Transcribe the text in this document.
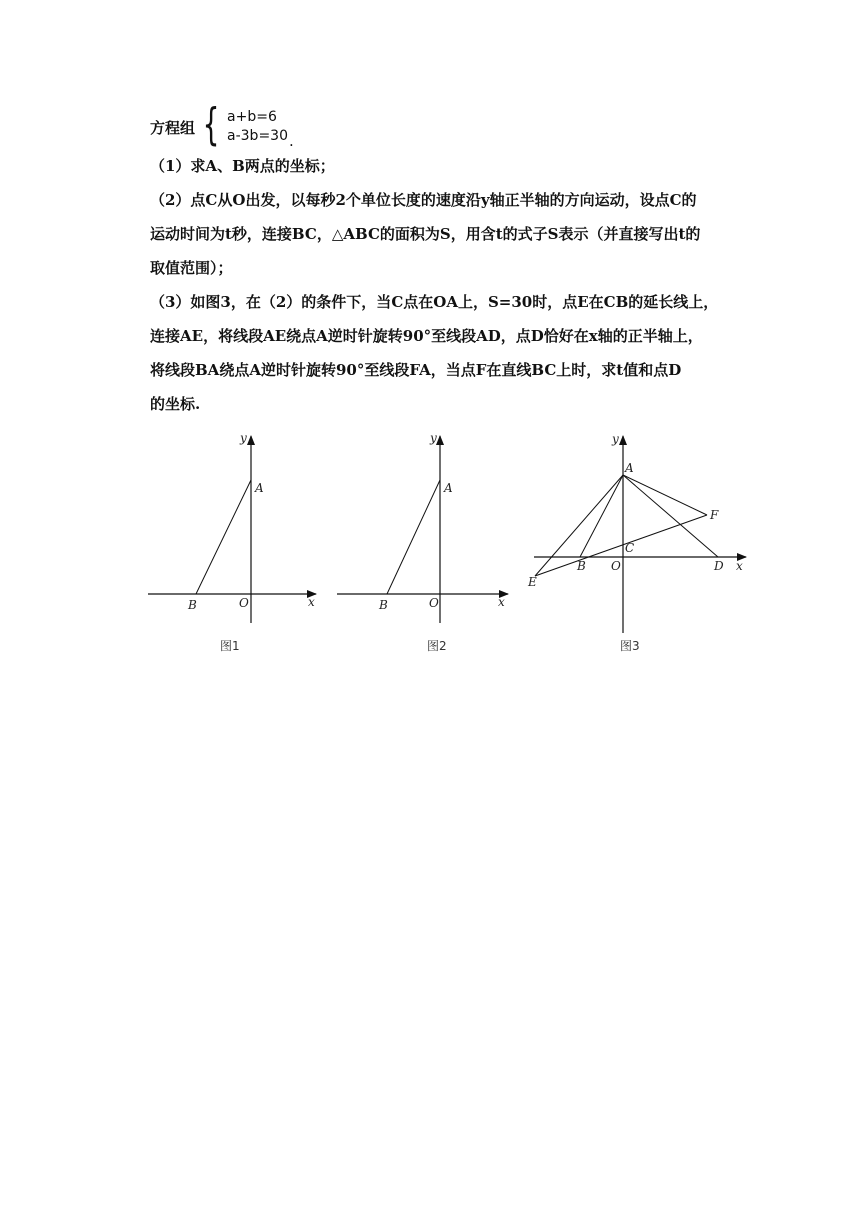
方程组 { a+b=6
a-3b=30 .
（1）求A、B两点的坐标；
（2）点C从O出发，以每秒2个单位长度的速度沿y轴正半轴的方向运动，设点C的
运动时间为t秒，连接BC，△ABC的面积为S，用含t的式子S表示（并直接写出t的
取值范围）；
（3）如图3，在（2）的条件下，当C点在OA上，S=30时，点E在CB的延长线上，
连接AE，将线段AE绕点A逆时针旋转90°至线段AD，点D恰好在x轴的正半轴上，
将线段BA绕点A逆时针旋转90°至线段FA，当点F在直线BC上时，求t值和点D
的坐标.
y
A
B	O	x
图1
y
A
B	O	x
图2
y
A
F
C
B O	D x
E
图3
